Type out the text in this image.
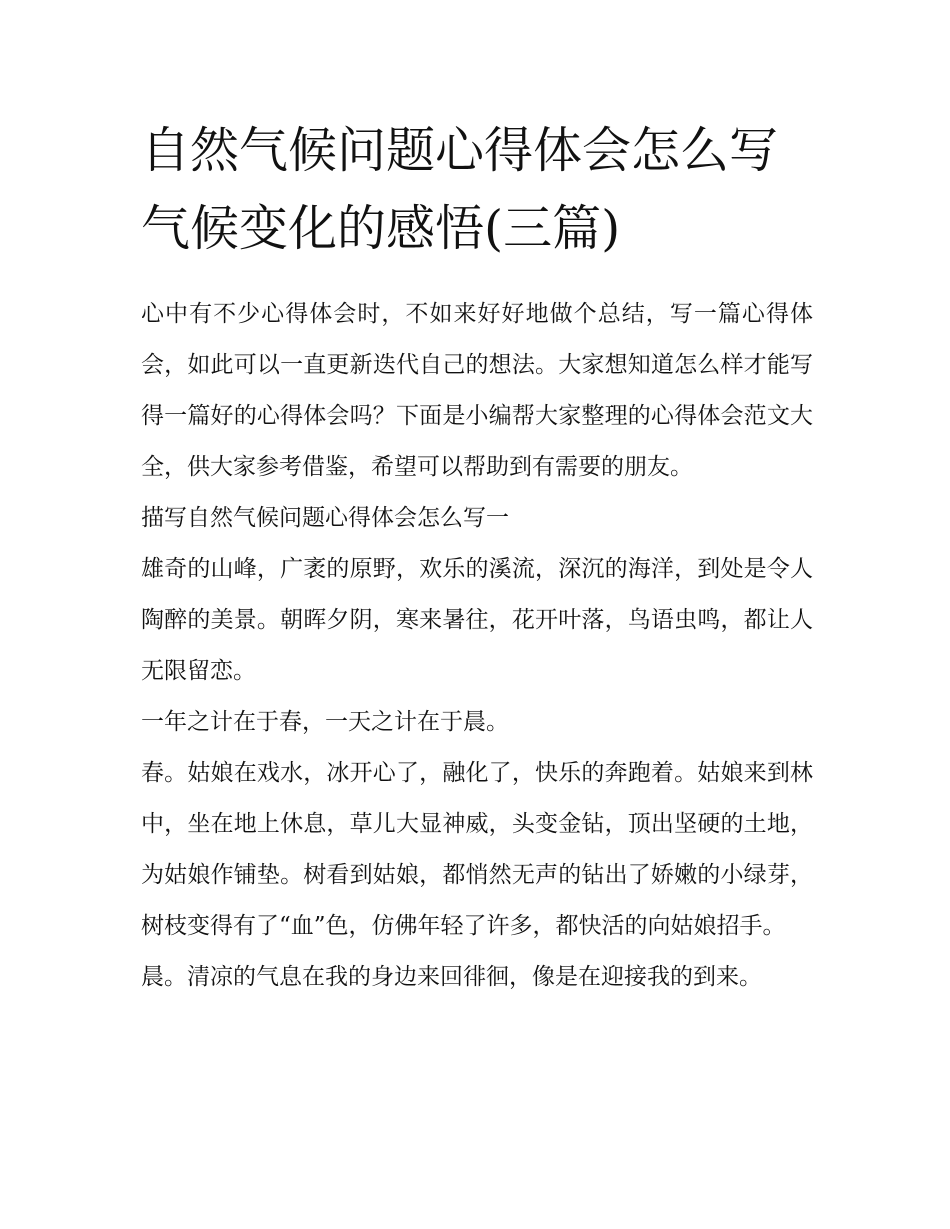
自然气候问题心得体会怎么写
气候变化的感悟(三篇)

心中有不少心得体会时，不如来好好地做个总结，写一篇心得体会，如此可以一直更新迭代自己的想法。大家想知道怎么样才能写得一篇好的心得体会吗？下面是小编帮大家整理的心得体会范文大全，供大家参考借鉴，希望可以帮助到有需要的朋友。

描写自然气候问题心得体会怎么写一

雄奇的山峰，广袤的原野，欢乐的溪流，深沉的海洋，到处是令人陶醉的美景。朝晖夕阴，寒来暑往，花开叶落，鸟语虫鸣，都让人无限留恋。

一年之计在于春，一天之计在于晨。

春。姑娘在戏水，冰开心了，融化了，快乐的奔跑着。姑娘来到林中，坐在地上休息，草儿大显神威，头变金钻，顶出坚硬的土地，为姑娘作铺垫。树看到姑娘，都悄然无声的钻出了娇嫩的小绿芽，树枝变得有了“血”色，仿佛年轻了许多，都快活的向姑娘招手。

晨。清凉的气息在我的身边来回徘徊，像是在迎接我的到来。
